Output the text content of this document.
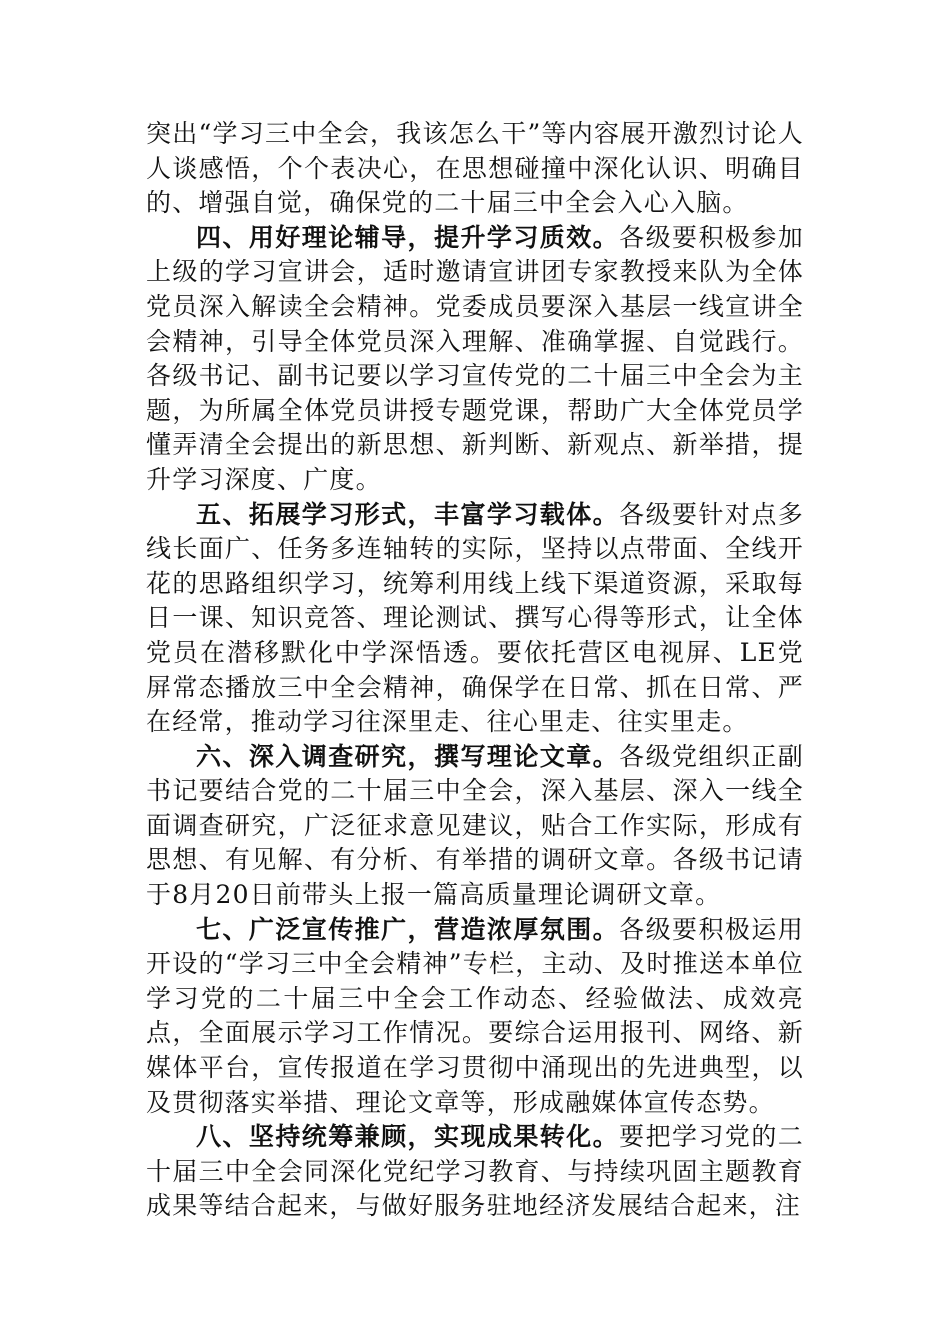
突出“学习三中全会，我该怎么干”等内容展开激烈讨论人人谈感悟，个个表决心，在思想碰撞中深化认识、明确目的、增强自觉，确保党的二十届三中全会入心入脑。

四、用好理论辅导，提升学习质效。各级要积极参加上级的学习宣讲会，适时邀请宣讲团专家教授来队为全体党员深入解读全会精神。党委成员要深入基层一线宣讲全会精神，引导全体党员深入理解、准确掌握、自觉践行。各级书记、副书记要以学习宣传党的二十届三中全会为主题，为所属全体党员讲授专题党课，帮助广大全体党员学懂弄清全会提出的新思想、新判断、新观点、新举措，提升学习深度、广度。

五、拓展学习形式，丰富学习载体。各级要针对点多线长面广、任务多连轴转的实际，坚持以点带面、全线开花的思路组织学习，统筹利用线上线下渠道资源，采取每日一课、知识竞答、理论测试、撰写心得等形式，让全体党员在潜移默化中学深悟透。要依托营区电视屏、LE党屏常态播放三中全会精神，确保学在日常、抓在日常、严在经常，推动学习往深里走、往心里走、往实里走。

六、深入调查研究，撰写理论文章。各级党组织正副书记要结合党的二十届三中全会，深入基层、深入一线全面调查研究，广泛征求意见建议，贴合工作实际，形成有思想、有见解、有分析、有举措的调研文章。各级书记请于8月20日前带头上报一篇高质量理论调研文章。

七、广泛宣传推广，营造浓厚氛围。各级要积极运用开设的“学习三中全会精神”专栏，主动、及时推送本单位学习党的二十届三中全会工作动态、经验做法、成效亮点，全面展示学习工作情况。要综合运用报刊、网络、新媒体平台，宣传报道在学习贯彻中涌现出的先进典型，以及贯彻落实举措、理论文章等，形成融媒体宣传态势。

八、坚持统筹兼顾，实现成果转化。要把学习党的二十届三中全会同深化党纪学习教育、与持续巩固主题教育成果等结合起来，与做好服务驻地经济发展结合起来，注
